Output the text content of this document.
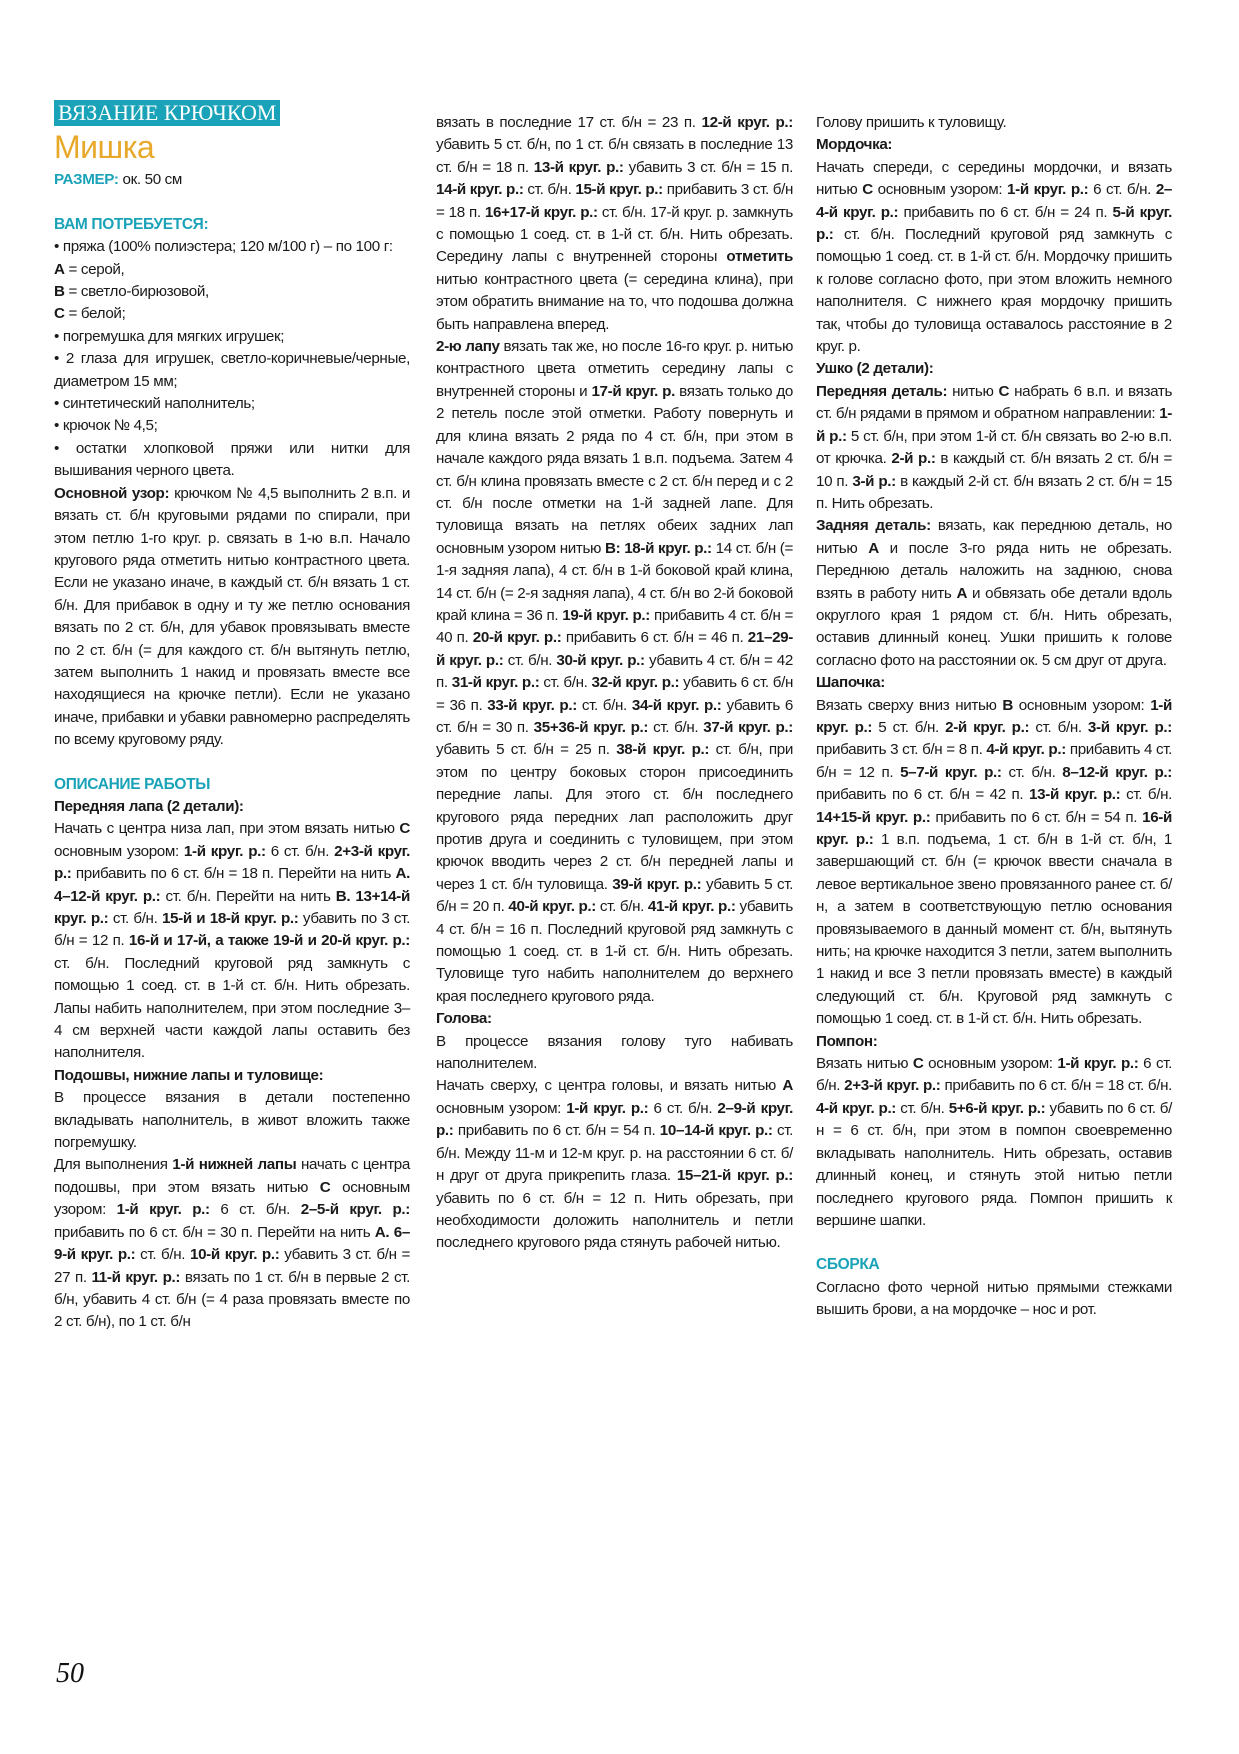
ВЯЗАНИЕ КРЮЧКОМ
Мишка

РАЗМЕР: ок. 50 см

ВАМ ПОТРЕБУЕТСЯ:

• пряжа (100% полиэстера; 120 м/100 г) – по 100 г:

A = серой,

B = светло-бирюзовой,

C = белой;

• погремушка для мягких игрушек;

• 2 глаза для игрушек, светло-коричневые/черные, диаметром 15 мм;

• синтетический наполнитель;

• крючок № 4,5;

• остатки хлопковой пряжи или нитки для вышивания черного цвета.

Основной узор: крючком № 4,5 выполнить 2 в.п. и вязать ст. б/н круговыми рядами по спирали, при этом петлю 1-го круг. р. связать в 1-ю в.п. Начало кругового ряда отметить нитью контрастного цвета. Если не указано иначе, в каждый ст. б/н вязать 1 ст. б/н. Для прибавок в одну и ту же петлю основания вязать по 2 ст. б/н, для убавок провязывать вместе по 2 ст. б/н (= для каждого ст. б/н вытянуть петлю, затем выполнить 1 накид и провязать вместе все находящиеся на крючке петли). Если не указано иначе, прибавки и убавки равномерно распределять по всему круговому ряду.

ОПИСАНИЕ РАБОТЫ

Передняя лапа (2 детали):

Начать с центра низа лап, при этом вязать нитью C основным узором: 1-й круг. р.: 6 ст. б/н. 2+3-й круг. р.: прибавить по 6 ст. б/н = 18 п. Перейти на нить A. 4–12-й круг. р.: ст. б/н. Перейти на нить B. 13+14-й круг. р.: ст. б/н. 15-й и 18-й круг. р.: убавить по 3 ст. б/н = 12 п. 16-й и 17-й, а также 19-й и 20-й круг. р.: ст. б/н. Последний круговой ряд замкнуть с помощью 1 соед. ст. в 1-й ст. б/н. Нить обрезать. Лапы набить наполнителем, при этом последние 3–4 см верхней части каждой лапы оставить без наполнителя.

Подошвы, нижние лапы и туловище:

В процессе вязания в детали постепенно вкладывать наполнитель, в живот вложить также погремушку.

Для выполнения 1-й нижней лапы начать с центра подошвы, при этом вязать нитью C основным узором: 1-й круг. р.: 6 ст. б/н. 2–5-й круг. р.: прибавить по 6 ст. б/н = 30 п. Перейти на нить A. 6–9-й круг. р.: ст. б/н. 10-й круг. р.: убавить 3 ст. б/н = 27 п. 11-й круг. р.: вязать по 1 ст. б/н в первые 2 ст. б/н, убавить 4 ст. б/н (= 4 раза провязать вместе по 2 ст. б/н), по 1 ст. б/н

вязать в последние 17 ст. б/н = 23 п. 12-й круг. р.: убавить 5 ст. б/н, по 1 ст. б/н связать в последние 13 ст. б/н = 18 п. 13-й круг. р.: убавить 3 ст. б/н = 15 п. 14-й круг. р.: ст. б/н. 15-й круг. р.: прибавить 3 ст. б/н = 18 п. 16+17-й круг. р.: ст. б/н. 17-й круг. р. замкнуть с помощью 1 соед. ст. в 1-й ст. б/н. Нить обрезать. Середину лапы с внутренней стороны отметить нитью контрастного цвета (= середина клина), при этом обратить внимание на то, что подошва должна быть направлена вперед.

2-ю лапу вязать так же, но после 16-го круг. р. нитью контрастного цвета отметить середину лапы с внутренней стороны и 17-й круг. р. вязать только до 2 петель после этой отметки. Работу повернуть и для клина вязать 2 ряда по 4 ст. б/н, при этом в начале каждого ряда вязать 1 в.п. подъема. Затем 4 ст. б/н клина провязать вместе с 2 ст. б/н перед и с 2 ст. б/н после отметки на 1-й задней лапе. Для туловища вязать на петлях обеих задних лап основным узором нитью B: 18-й круг. р.: 14 ст. б/н (= 1-я задняя лапа), 4 ст. б/н в 1-й боковой край клина, 14 ст. б/н (= 2-я задняя лапа), 4 ст. б/н во 2-й боковой край клина = 36 п. 19-й круг. р.: прибавить 4 ст. б/н = 40 п. 20-й круг. р.: прибавить 6 ст. б/н = 46 п. 21–29-й круг. р.: ст. б/н. 30-й круг. р.: убавить 4 ст. б/н = 42 п. 31-й круг. р.: ст. б/н. 32-й круг. р.: убавить 6 ст. б/н = 36 п. 33-й круг. р.: ст. б/н. 34-й круг. р.: убавить 6 ст. б/н = 30 п. 35+36-й круг. р.: ст. б/н. 37-й круг. р.: убавить 5 ст. б/н = 25 п. 38-й круг. р.: ст. б/н, при этом по центру боковых сторон присоединить передние лапы. Для этого ст. б/н последнего кругового ряда передних лап расположить друг против друга и соединить с туловищем, при этом крючок вводить через 2 ст. б/н передней лапы и через 1 ст. б/н туловища. 39-й круг. р.: убавить 5 ст. б/н = 20 п. 40-й круг. р.: ст. б/н. 41-й круг. р.: убавить 4 ст. б/н = 16 п. Последний круговой ряд замкнуть с помощью 1 соед. ст. в 1-й ст. б/н. Нить обрезать. Туловище туго набить наполнителем до верхнего края последнего кругового ряда.

Голова:

В процессе вязания голову туго набивать наполнителем.

Начать сверху, с центра головы, и вязать нитью A основным узором: 1-й круг. р.: 6 ст. б/н. 2–9-й круг. р.: прибавить по 6 ст. б/н = 54 п. 10–14-й круг. р.: ст. б/н. Между 11-м и 12-м круг. р. на расстоянии 6 ст. б/н друг от друга прикрепить глаза. 15–21-й круг. р.: убавить по 6 ст. б/н = 12 п. Нить обрезать, при необходимости доложить наполнитель и петли последнего кругового ряда стянуть рабочей нитью.

Голову пришить к туловищу.

Мордочка:

Начать спереди, с середины мордочки, и вязать нитью C основным узором: 1-й круг. р.: 6 ст. б/н. 2–4-й круг. р.: прибавить по 6 ст. б/н = 24 п. 5-й круг. р.: ст. б/н. Последний круговой ряд замкнуть с помощью 1 соед. ст. в 1-й ст. б/н. Мордочку пришить к голове согласно фото, при этом вложить немного наполнителя. С нижнего края мордочку пришить так, чтобы до туловища оставалось расстояние в 2 круг. р.

Ушко (2 детали):

Передняя деталь: нитью C набрать 6 в.п. и вязать ст. б/н рядами в прямом и обратном направлении: 1-й р.: 5 ст. б/н, при этом 1-й ст. б/н связать во 2-ю в.п. от крючка. 2-й р.: в каждый ст. б/н вязать 2 ст. б/н = 10 п. 3-й р.: в каждый 2-й ст. б/н вязать 2 ст. б/н = 15 п. Нить обрезать.

Задняя деталь: вязать, как переднюю деталь, но нитью A и после 3-го ряда нить не обрезать. Переднюю деталь наложить на заднюю, снова взять в работу нить A и обвязать обе детали вдоль округлого края 1 рядом ст. б/н. Нить обрезать, оставив длинный конец. Ушки пришить к голове согласно фото на расстоянии ок. 5 см друг от друга.

Шапочка:

Вязать сверху вниз нитью B основным узором: 1-й круг. р.: 5 ст. б/н. 2-й круг. р.: ст. б/н. 3-й круг. р.: прибавить 3 ст. б/н = 8 п. 4-й круг. р.: прибавить 4 ст. б/н = 12 п. 5–7-й круг. р.: ст. б/н. 8–12-й круг. р.: прибавить по 6 ст. б/н = 42 п. 13-й круг. р.: ст. б/н. 14+15-й круг. р.: прибавить по 6 ст. б/н = 54 п. 16-й круг. р.: 1 в.п. подъема, 1 ст. б/н в 1-й ст. б/н, 1 завершающий ст. б/н (= крючок ввести сначала в левое вертикальное звено провязанного ранее ст. б/н, а затем в соответствующую петлю основания провязываемого в данный момент ст. б/н, вытянуть нить; на крючке находится 3 петли, затем выполнить 1 накид и все 3 петли провязать вместе) в каждый следующий ст. б/н. Круговой ряд замкнуть с помощью 1 соед. ст. в 1-й ст. б/н. Нить обрезать.

Помпон:

Вязать нитью C основным узором: 1-й круг. р.: 6 ст. б/н. 2+3-й круг. р.: прибавить по 6 ст. б/н = 18 ст. б/н. 4-й круг. р.: ст. б/н. 5+6-й круг. р.: убавить по 6 ст. б/н = 6 ст. б/н, при этом в помпон своевременно вкладывать наполнитель. Нить обрезать, оставив длинный конец, и стянуть этой нитью петли последнего кругового ряда. Помпон пришить к вершине шапки.

СБОРКА

Согласно фото черной нитью прямыми стежками вышить брови, а на мордочке – нос и рот.

50
